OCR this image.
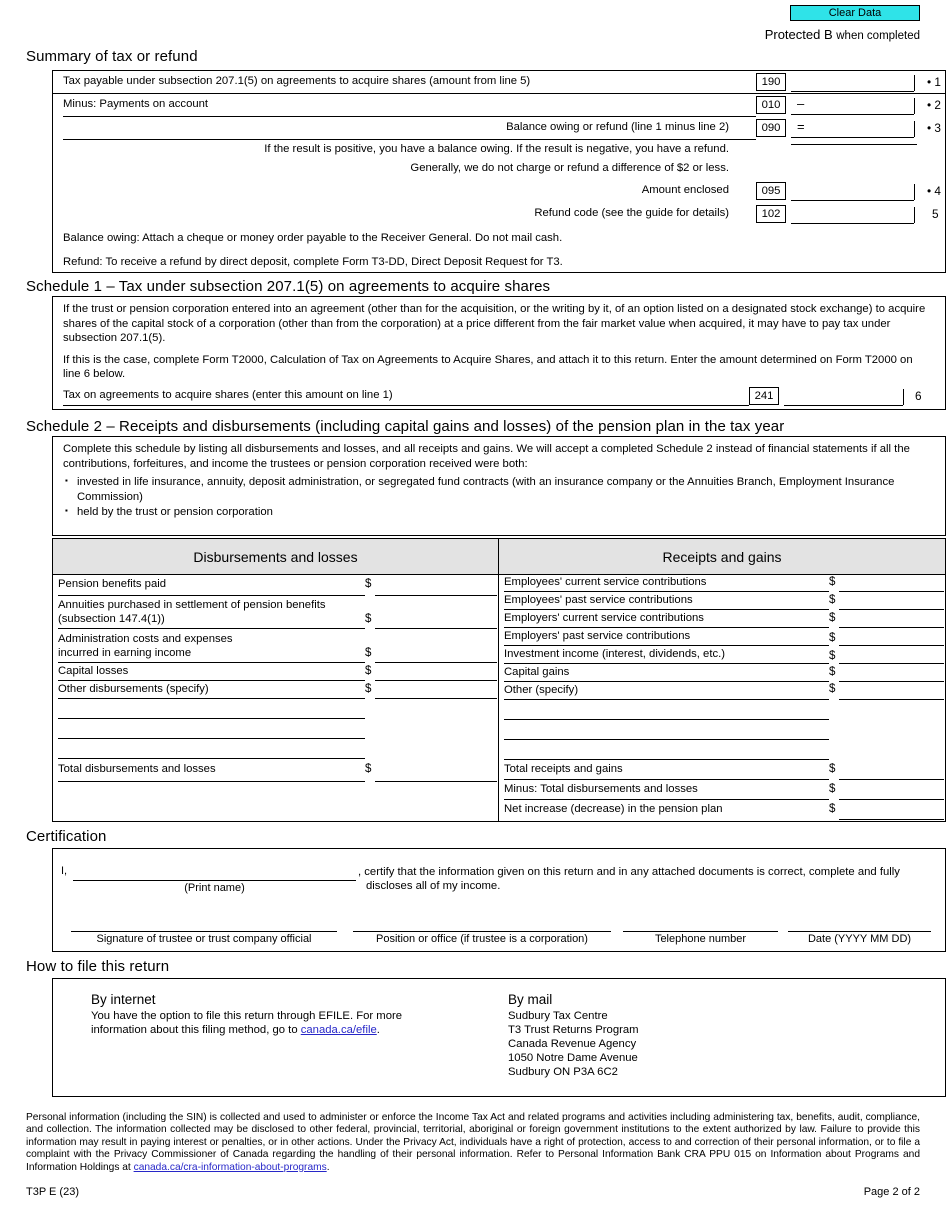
Clear Data
Protected B when completed
Summary of tax or refund
Tax payable under subsection 207.1(5) on agreements to acquire shares (amount from line 5)	190	• 1
Minus: Payments on account	010	–	• 2
Balance owing or refund (line 1 minus line 2)	090	=	• 3
If the result is positive, you have a balance owing. If the result is negative, you have a refund.
Generally, we do not charge or refund a difference of $2 or less.
Amount enclosed	095	• 4
Refund code (see the guide for details)	102	5
Balance owing: Attach a cheque or money order payable to the Receiver General. Do not mail cash.
Refund: To receive a refund by direct deposit, complete Form T3-DD, Direct Deposit Request for T3.
Schedule 1 – Tax under subsection 207.1(5) on agreements to acquire shares

If the trust or pension corporation entered into an agreement (other than for the acquisition, or the writing by it, of an option listed on a designated stock exchange) to acquire shares of the capital stock of a corporation (other than from the corporation) at a price different from the fair market value when acquired, it may have to pay tax under subsection 207.1(5).

If this is the case, complete Form T2000, Calculation of Tax on Agreements to Acquire Shares, and attach it to this return. Enter the amount determined on Form T2000 on line 6 below.

Tax on agreements to acquire shares (enter this amount on line 1)	241	6
Schedule 2 – Receipts and disbursements (including capital gains and losses) of the pension plan in the tax year

Complete this schedule by listing all disbursements and losses, and all receipts and gains. We will accept a completed Schedule 2 instead of financial statements if all the contributions, forfeitures, and income the trustees or pension corporation received were both:

▪ invested in life insurance, annuity, deposit administration, or segregated fund contracts (with an insurance company or the Annuities Branch, Employment Insurance Commission)

▪ held by the trust or pension corporation

Disbursements and losses
Pension benefits paid	$
Annuities purchased in settlement of pension benefits
(subsection 147.4(1))	$
Administration costs and expenses
incurred in earning income	$
Capital losses	$
Other disbursements (specify)	$
Total disbursements and losses	$
Receipts and gains
Employees' current service contributions	$
Employees' past service contributions	$
Employers' current service contributions	$
Employers' past service contributions	$
Investment income (interest, dividends, etc.)	$
Capital gains	$
Other (specify)	$
Total receipts and gains	$
Minus: Total disbursements and losses	$
Net increase (decrease) in the pension plan	$
Certification
I,
(Print name)
, certify that the information given on this return and in any attached documents is correct, complete and fully
discloses all of my income.
Signature of trustee or trust company official	Position or office (if trustee is a corporation)	Telephone number	Date (YYYY MM DD)
How to file this return
By internet
You have the option to file this return through EFILE. For more
information about this filing method, go to canada.ca/efile.
By mail
Sudbury Tax Centre
T3 Trust Returns Program
Canada Revenue Agency
1050 Notre Dame Avenue
Sudbury ON P3A 6C2
Personal information (including the SIN) is collected and used to administer or enforce the Income Tax Act and related programs and activities including administering tax, benefits, audit, compliance, and collection. The information collected may be disclosed to other federal, provincial, territorial, aboriginal or foreign government institutions to the extent authorized by law. Failure to provide this information may result in paying interest or penalties, or in other actions. Under the Privacy Act, individuals have a right of protection, access to and correction of their personal information, or to file a complaint with the Privacy Commissioner of Canada regarding the handling of their personal information. Refer to Personal Information Bank CRA PPU 015 on Information about Programs and Information Holdings at canada.ca/cra-information-about-programs.
T3P E (23)	Page 2 of 2
